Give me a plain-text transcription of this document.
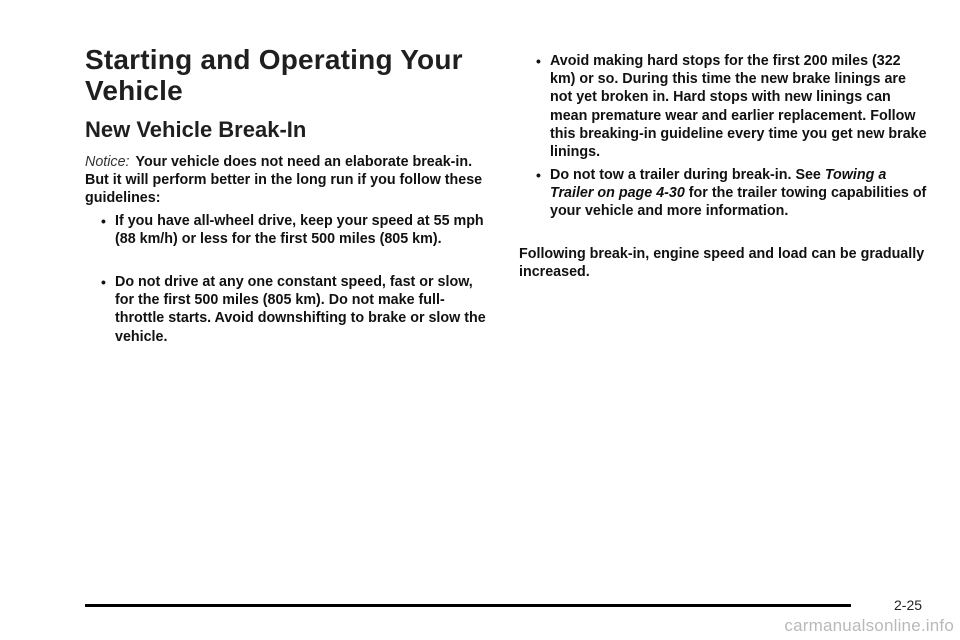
Starting and Operating Your Vehicle
New Vehicle Break-In

Notice: Your vehicle does not need an elaborate break-in. But it will perform better in the long run if you follow these guidelines:

• If you have all-wheel drive, keep your speed at 55 mph (88 km/h) or less for the first 500 miles (805 km).

• Do not drive at any one constant speed, fast or slow, for the first 500 miles (805 km). Do not make full-throttle starts. Avoid downshifting to brake or slow the vehicle.

• Avoid making hard stops for the first 200 miles (322 km) or so. During this time the new brake linings are not yet broken in. Hard stops with new linings can mean premature wear and earlier replacement. Follow this breaking-in guideline every time you get new brake linings.

• Do not tow a trailer during break-in. See Towing a Trailer on page 4-30 for the trailer towing capabilities of your vehicle and more information.

Following break-in, engine speed and load can be gradually increased.

2-25
carmanualsonline.info
